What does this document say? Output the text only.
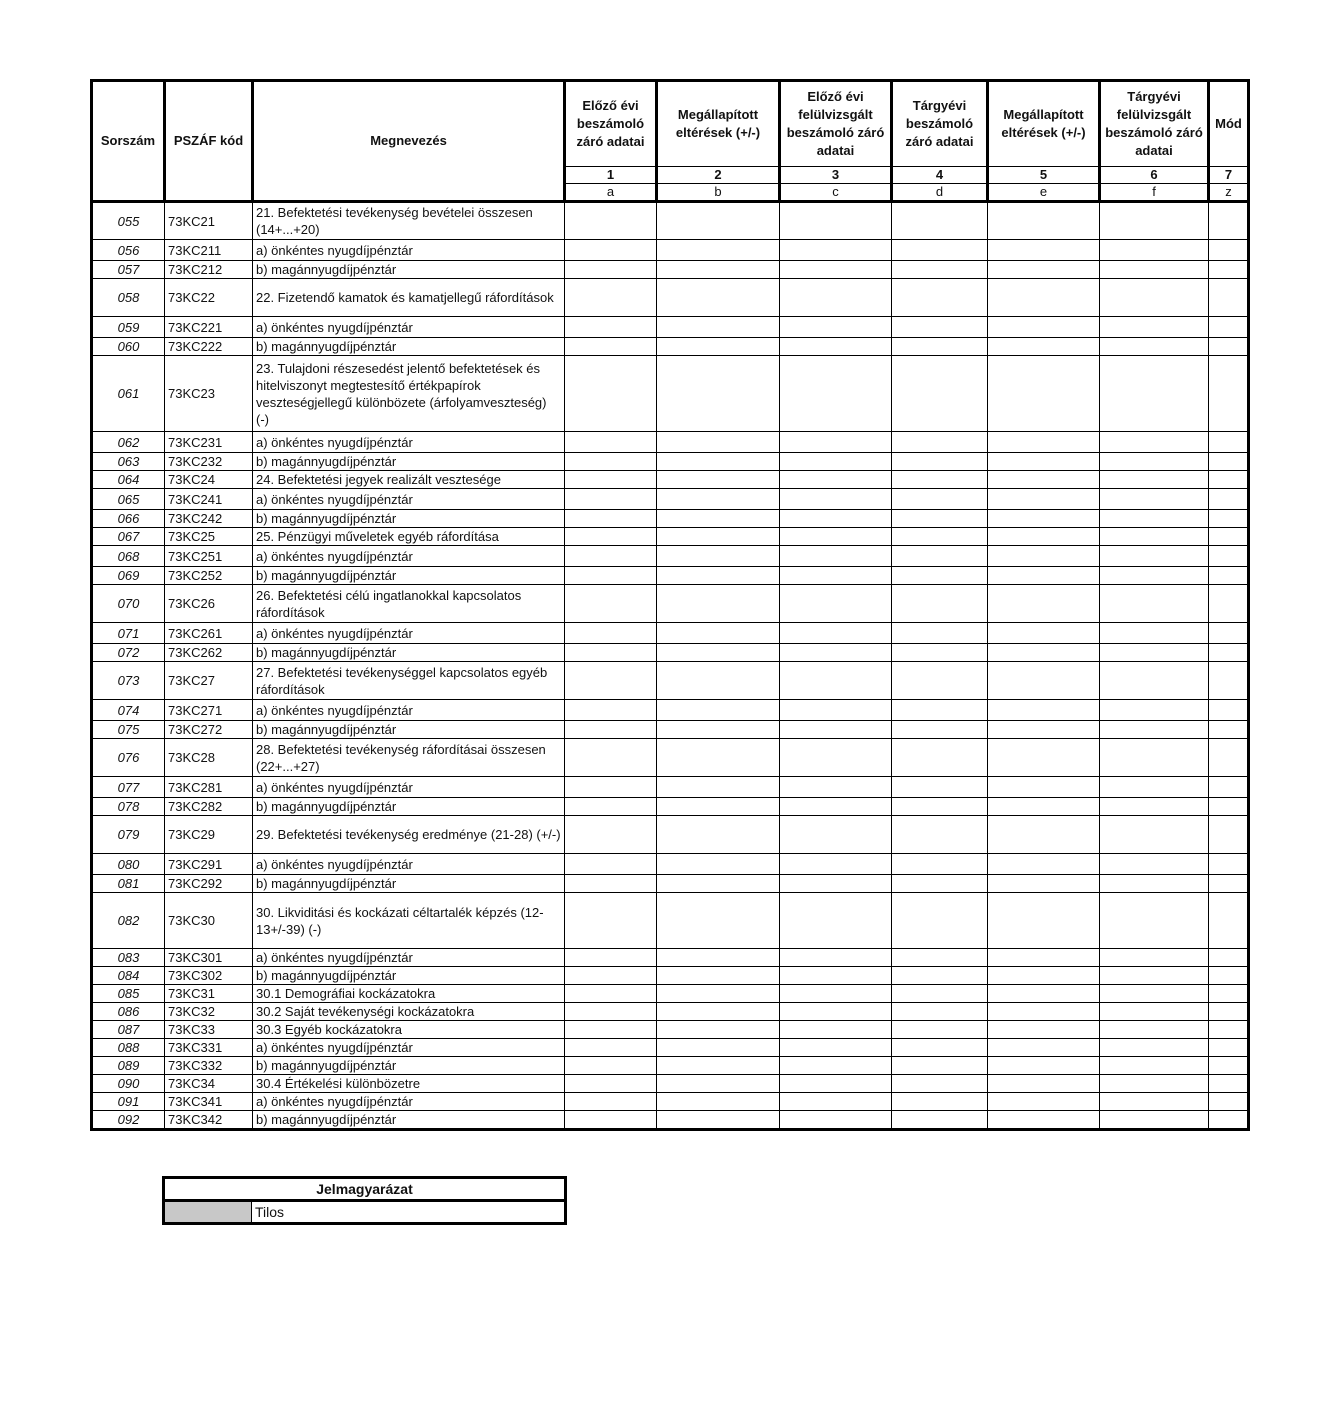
Sorszám	PSZÁF kód	Megnevezés	Előző évi beszámoló záró adatai	Megállapított eltérések (+/-)	Előző évi felülvizsgált beszámoló záró adatai	Tárgyévi beszámoló záró adatai	Megállapított eltérések (+/-)	Tárgyévi felülvizsgált beszámoló záró adatai	Mód
			1	2	3	4	5	6	7
			a	b	c	d	e	f	z
055	73KC21	21. Befektetési tevékenység bevételei összesen (14+...+20)							
056	73KC211	a) önkéntes nyugdíjpénztár							
057	73KC212	b) magánnyugdíjpénztár							
058	73KC22	22. Fizetendő kamatok és kamatjellegű ráfordítások							
059	73KC221	a) önkéntes nyugdíjpénztár							
060	73KC222	b) magánnyugdíjpénztár							
061	73KC23	23. Tulajdoni részesedést jelentő befektetések és hitelviszonyt megtestesítő értékpapírok veszteségjellegű különbözete (árfolyamveszteség) (-)							
062	73KC231	a) önkéntes nyugdíjpénztár							
063	73KC232	b) magánnyugdíjpénztár							
064	73KC24	24. Befektetési jegyek realizált vesztesége							
065	73KC241	a) önkéntes nyugdíjpénztár							
066	73KC242	b) magánnyugdíjpénztár							
067	73KC25	25. Pénzügyi műveletek egyéb ráfordítása							
068	73KC251	a) önkéntes nyugdíjpénztár							
069	73KC252	b) magánnyugdíjpénztár							
070	73KC26	26. Befektetési célú ingatlanokkal kapcsolatos ráfordítások							
071	73KC261	a) önkéntes nyugdíjpénztár							
072	73KC262	b) magánnyugdíjpénztár							
073	73KC27	27. Befektetési tevékenységgel kapcsolatos egyéb ráfordítások							
074	73KC271	a) önkéntes nyugdíjpénztár							
075	73KC272	b) magánnyugdíjpénztár							
076	73KC28	28. Befektetési tevékenység ráfordításai összesen (22+...+27)							
077	73KC281	a) önkéntes nyugdíjpénztár							
078	73KC282	b) magánnyugdíjpénztár							
079	73KC29	29. Befektetési tevékenység eredménye (21-28) (+/-)							
080	73KC291	a) önkéntes nyugdíjpénztár							
081	73KC292	b) magánnyugdíjpénztár							
082	73KC30	30. Likviditási és kockázati céltartalék képzés (12-13+/-39) (-)							
083	73KC301	a) önkéntes nyugdíjpénztár							
084	73KC302	b) magánnyugdíjpénztár							
085	73KC31	30.1 Demográfiai kockázatokra							
086	73KC32	30.2 Saját tevékenységi kockázatokra							
087	73KC33	30.3 Egyéb kockázatokra							
088	73KC331	a) önkéntes nyugdíjpénztár							
089	73KC332	b) magánnyugdíjpénztár							
090	73KC34	30.4 Értékelési különbözetre							
091	73KC341	a) önkéntes nyugdíjpénztár							
092	73KC342	b) magánnyugdíjpénztár							
Jelmagyarázat
	Tilos
